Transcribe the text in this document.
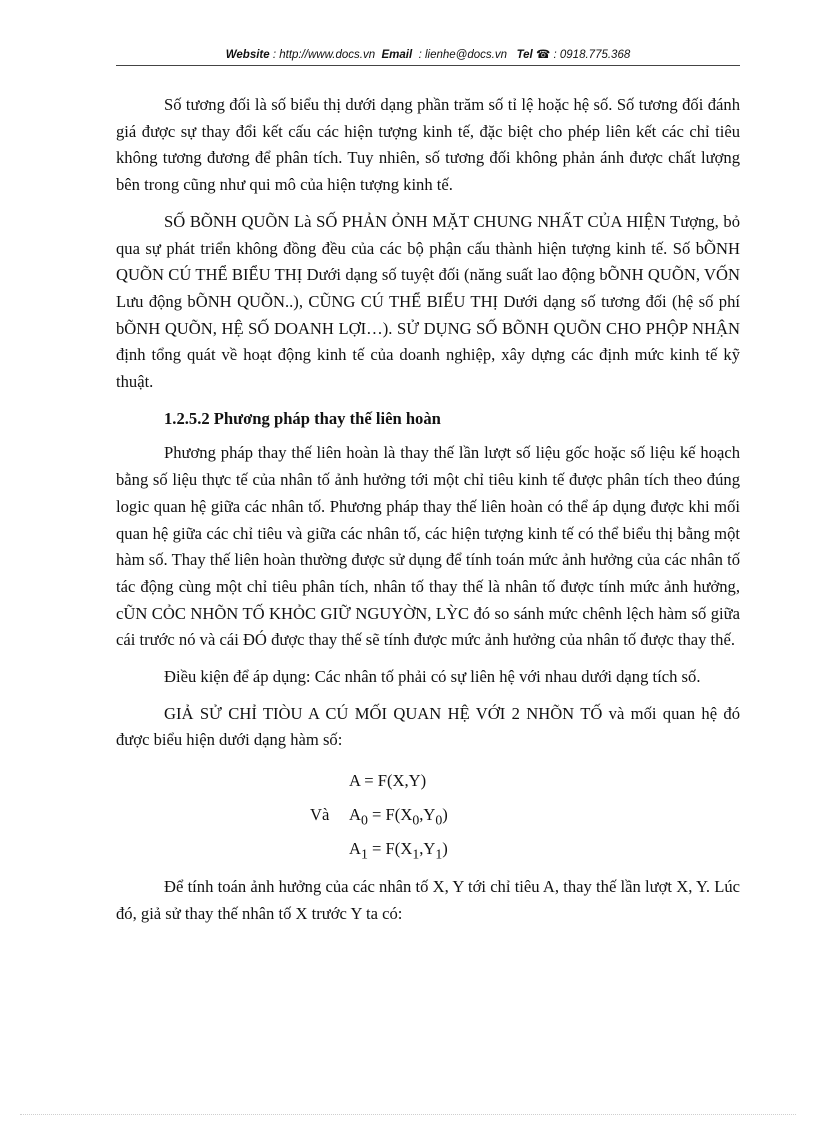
Website : http://www.docs.vn Email : lienhe@docs.vn Tel ☎ : 0918.775.368

Số tương đối là số biểu thị dưới dạng phần trăm số tỉ lệ hoặc hệ số. Số tương đối đánh giá được sự thay đổi kết cấu các hiện tượng kinh tế, đặc biệt cho phép liên kết các chỉ tiêu không tương đương để phân tích. Tuy nhiên, số tương đối không phản ánh được chất lượng bên trong cũng như qui mô của hiện tượng kinh tế.

SỐ BÕNH QUÕN Là SỐ PHẢN ỎNH MẶT CHUNG NHẤT CỦA HIỆN Tượng, bỏ qua sự phát triển không đồng đều của các bộ phận cấu thành hiện tượng kinh tế. Số bÕNH QUÕN CÚ THỂ BIỂU THỊ Dưới dạng số tuyệt đối (năng suất lao động bÕNH QUÕN, VỐN Lưu động bÕNH QUÕN..), CŨNG CÚ THỂ BIỂU THỊ Dưới dạng số tương đối (hệ số phí bÕNH QUÕN, HỆ SỐ DOANH LỢI…). SỬ DỤNG SỐ BÕNH QUÕN CHO PHỘP NHẬN định tổng quát về hoạt động kinh tế của doanh nghiệp, xây dựng các định mức kinh tế kỹ thuật.

1.2.5.2 Phương pháp thay thế liên hoàn

Phương pháp thay thế liên hoàn là thay thế lần lượt số liệu gốc hoặc số liệu kế hoạch bằng số liệu thực tế của nhân tố ảnh hưởng tới một chỉ tiêu kinh tế được phân tích theo đúng logic quan hệ giữa các nhân tố. Phương pháp thay thế liên hoàn có thể áp dụng được khi mối quan hệ giữa các chỉ tiêu và giữa các nhân tố, các hiện tượng kinh tế có thể biểu thị bằng một hàm số. Thay thế liên hoàn thường được sử dụng để tính toán mức ảnh hưởng của các nhân tố tác động cùng một chỉ tiêu phân tích, nhân tố thay thế là nhân tố được tính mức ảnh hưởng, cŨN CỎC NHÕN TỐ KHỎC GIỮ NGUYỜN, LỲC đó so sánh mức chênh lệch hàm số giữa cái trước nó và cái ĐÓ được thay thế sẽ tính được mức ảnh hưởng của nhân tố được thay thế.

Điều kiện để áp dụng: Các nhân tố phải có sự liên hệ với nhau dưới dạng tích số.

GIẢ SỬ CHỈ TIÒU A CÚ MỐI QUAN HỆ VỚI 2 NHÕN TỐ và mối quan hệ đó được biểu hiện dưới dạng hàm số:

A = F(X,Y)
Và $A_0 = F(X_0,Y_0)$
$A_1 = F(X_1,Y_1)$

Để tính toán ảnh hưởng của các nhân tố X, Y tới chỉ tiêu A, thay thế lần lượt X, Y. Lúc đó, giả sử thay thế nhân tố X trước Y ta có:
